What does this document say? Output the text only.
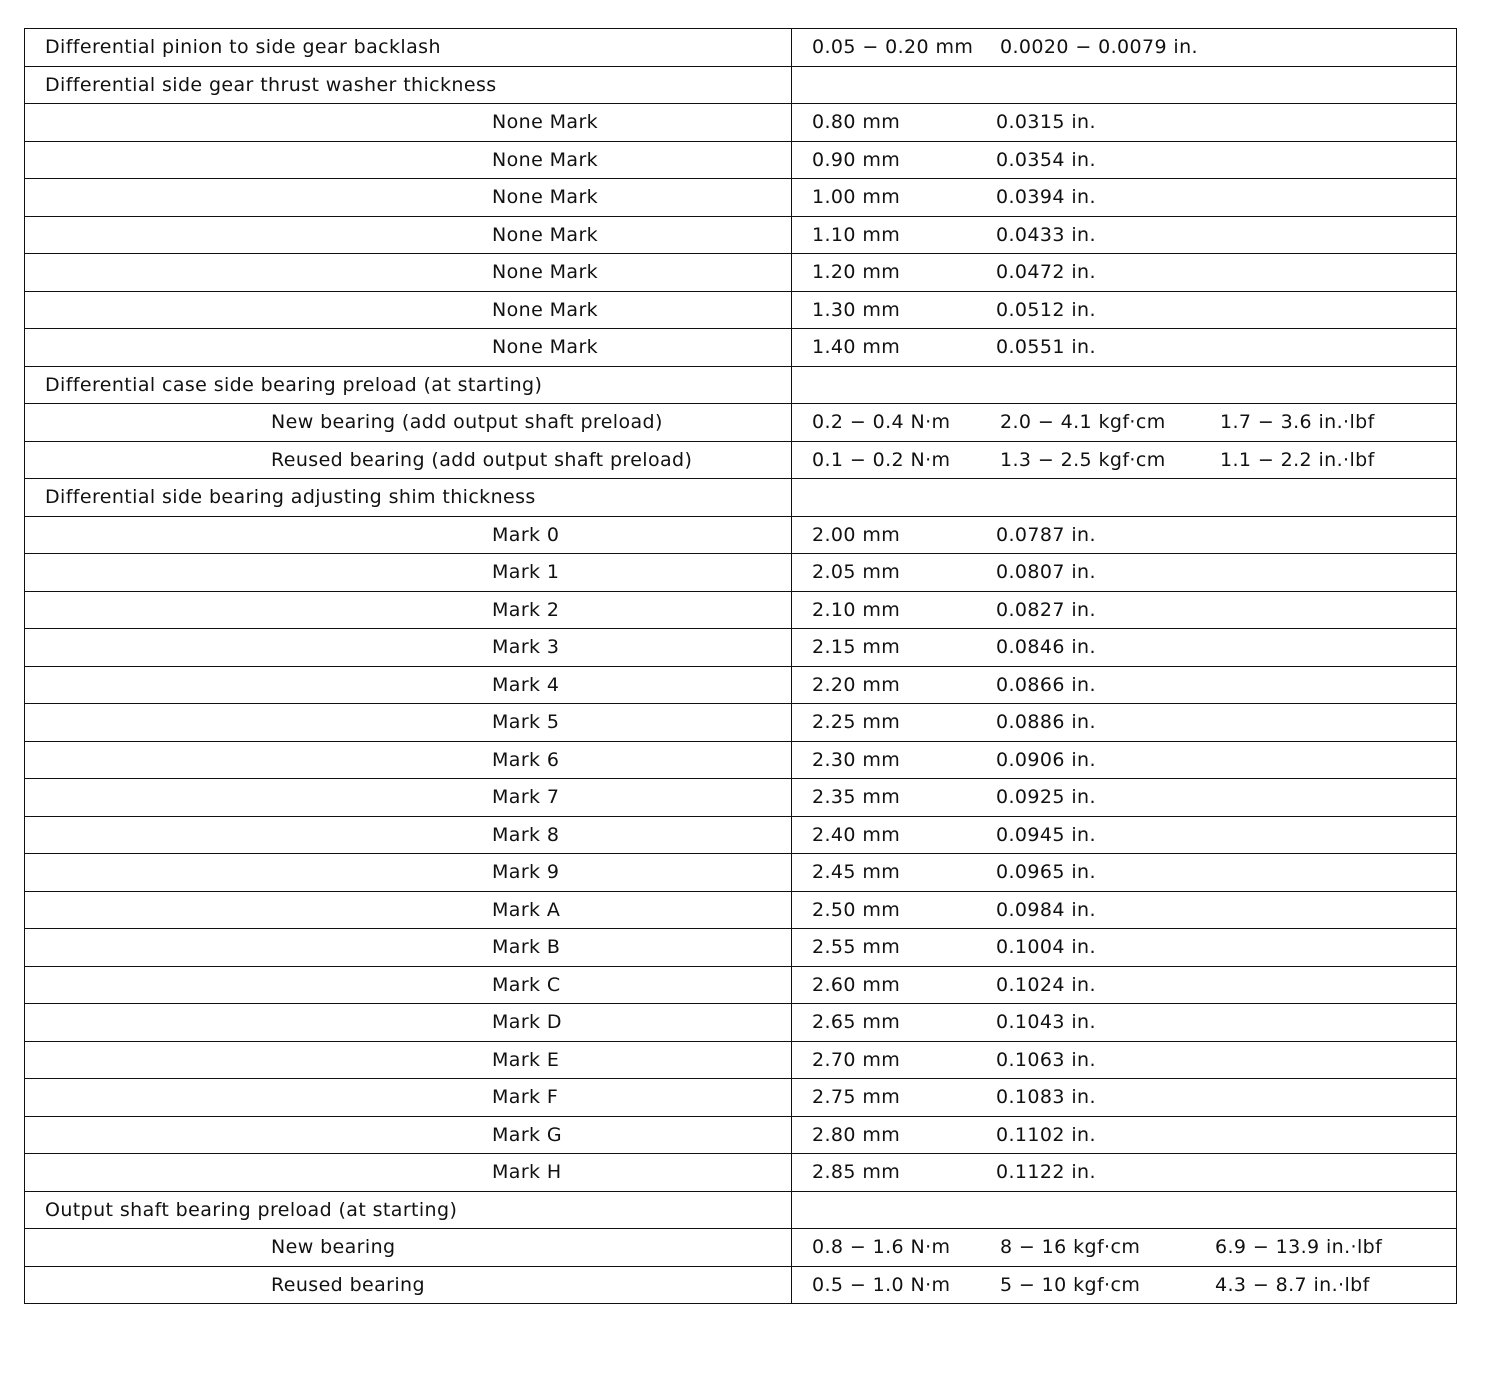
Differential pinion to side gear backlash	0.05 − 0.20 mm 0.0020 − 0.0079 in.

Differential side gear thrust washer thickness	

None Mark	0.80 mm 0.0315 in.

None Mark	0.90 mm 0.0354 in.

None Mark	1.00 mm 0.0394 in.

None Mark	1.10 mm 0.0433 in.

None Mark	1.20 mm 0.0472 in.

None Mark	1.30 mm 0.0512 in.

None Mark	1.40 mm 0.0551 in.

Differential case side bearing preload (at starting)	

New bearing (add output shaft preload)	0.2 − 0.4 N·m 2.0 − 4.1 kgf·cm 1.7 − 3.6 in.·lbf

Reused bearing (add output shaft preload)	0.1 − 0.2 N·m 1.3 − 2.5 kgf·cm 1.1 − 2.2 in.·lbf

Differential side bearing adjusting shim thickness	

Mark 0	2.00 mm 0.0787 in.

Mark 1	2.05 mm 0.0807 in.

Mark 2	2.10 mm 0.0827 in.

Mark 3	2.15 mm 0.0846 in.

Mark 4	2.20 mm 0.0866 in.

Mark 5	2.25 mm 0.0886 in.

Mark 6	2.30 mm 0.0906 in.

Mark 7	2.35 mm 0.0925 in.

Mark 8	2.40 mm 0.0945 in.

Mark 9	2.45 mm 0.0965 in.

Mark A	2.50 mm 0.0984 in.

Mark B	2.55 mm 0.1004 in.

Mark C	2.60 mm 0.1024 in.

Mark D	2.65 mm 0.1043 in.

Mark E	2.70 mm 0.1063 in.

Mark F	2.75 mm 0.1083 in.

Mark G	2.80 mm 0.1102 in.

Mark H	2.85 mm 0.1122 in.

Output shaft bearing preload (at starting)	

New bearing	0.8 − 1.6 N·m 8 − 16 kgf·cm 6.9 − 13.9 in.·lbf

Reused bearing	0.5 − 1.0 N·m 5 − 10 kgf·cm 4.3 − 8.7 in.·lbf
